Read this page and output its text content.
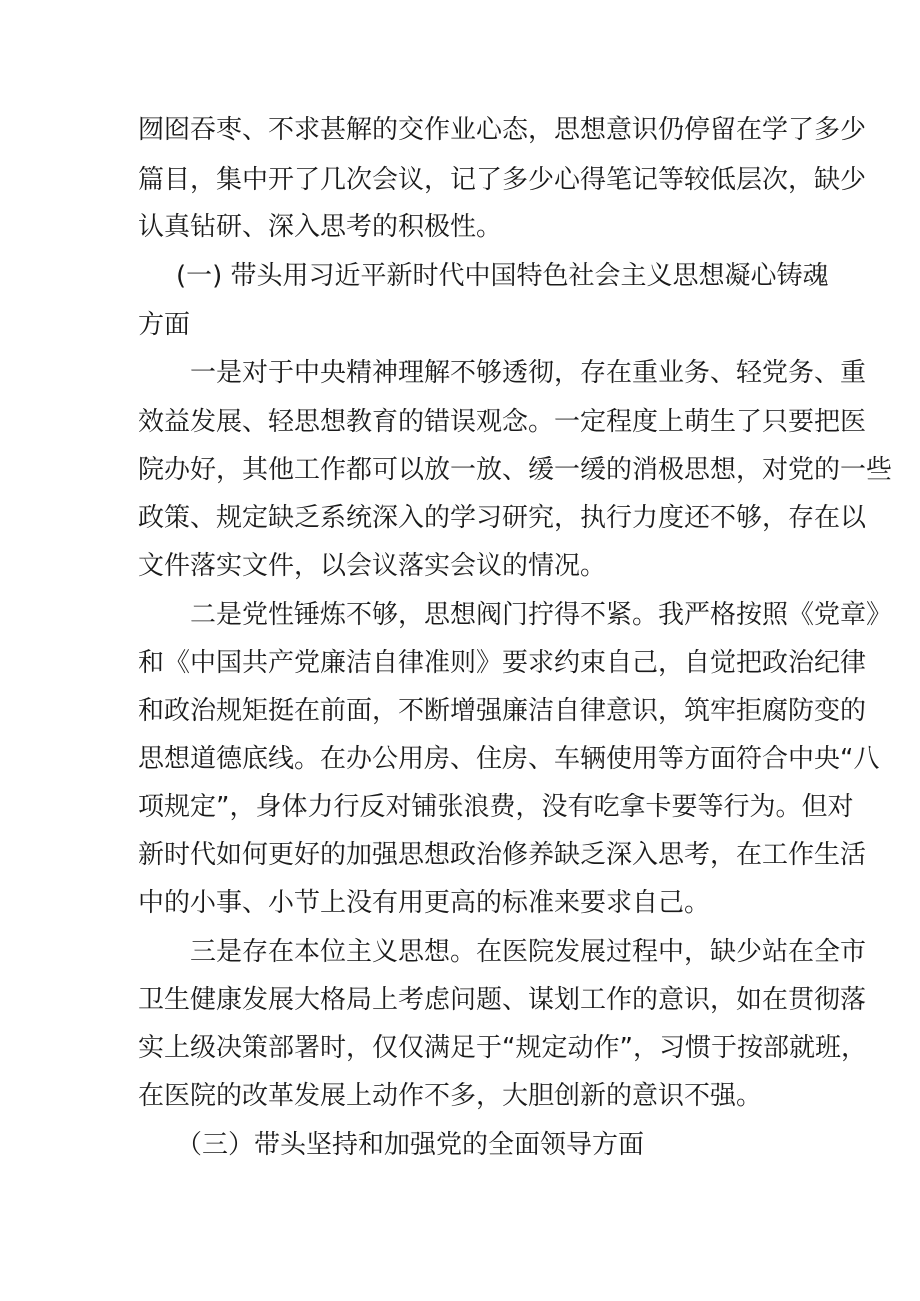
囫囵吞枣、不求甚解的交作业心态，思想意识仍停留在学了多少
篇目，集中开了几次会议，记了多少心得笔记等较低层次，缺少
认真钻研、深入思考的积极性。
(一) 带头用习近平新时代中国特色社会主义思想凝心铸魂
方面
一是对于中央精神理解不够透彻，存在重业务、轻党务、重
效益发展、轻思想教育的错误观念。一定程度上萌生了只要把医
院办好，其他工作都可以放一放、缓一缓的消极思想，对党的一些
政策、规定缺乏系统深入的学习研究，执行力度还不够，存在以
文件落实文件，以会议落实会议的情况。
二是党性锤炼不够，思想阀门拧得不紧。我严格按照《党章》
和《中国共产党廉洁自律准则》要求约束自己，自觉把政治纪律
和政治规矩挺在前面，不断增强廉洁自律意识，筑牢拒腐防变的
思想道德底线。在办公用房、住房、车辆使用等方面符合中央“八
项规定”，身体力行反对铺张浪费，没有吃拿卡要等行为。但对
新时代如何更好的加强思想政治修养缺乏深入思考，在工作生活
中的小事、小节上没有用更高的标准来要求自己。
三是存在本位主义思想。在医院发展过程中，缺少站在全市
卫生健康发展大格局上考虑问题、谋划工作的意识，如在贯彻落
实上级决策部署时，仅仅满足于“规定动作”，习惯于按部就班，
在医院的改革发展上动作不多，大胆创新的意识不强。
（三）带头坚持和加强党的全面领导方面
